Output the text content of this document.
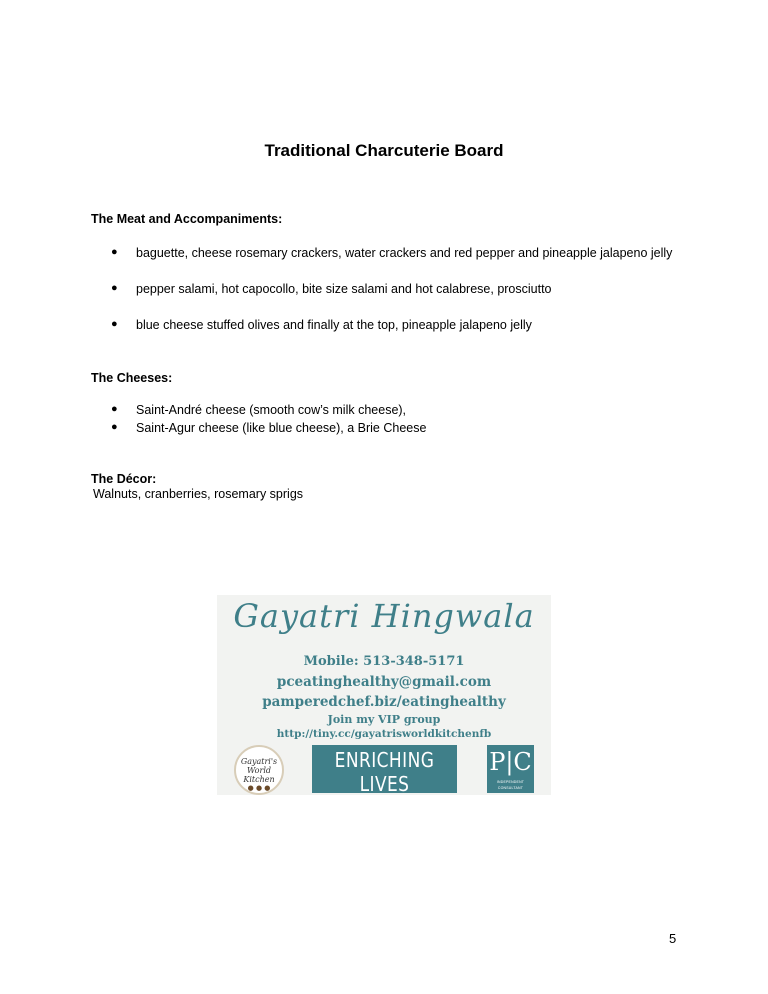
Traditional Charcuterie Board
The Meat and Accompaniments:
● baguette, cheese rosemary crackers, water crackers and red pepper and pineapple jalapeno jelly
● pepper salami, hot capocollo, bite size salami and hot calabrese, prosciutto
● blue cheese stuffed olives and finally at the top, pineapple jalapeno jelly
The Cheeses:
● Saint-André cheese (smooth cow’s milk cheese),
● Saint-Agur cheese (like blue cheese), a Brie Cheese
The Décor:

Walnuts, cranberries, rosemary sprigs

Gayatri Hingwala
Mobile: 513-348-5171
pceatinghealthy@gmail.com
pamperedchef.biz/eatinghealthy
Join my VIP group
http://tiny.cc/gayatrisworldkitchenfb
Gayatri's
World
Kitchen
● ● ●
ENRICHING LIVES
one meal & one memory at a time
P|C
INDEPENDENT CONSULTANT

5
